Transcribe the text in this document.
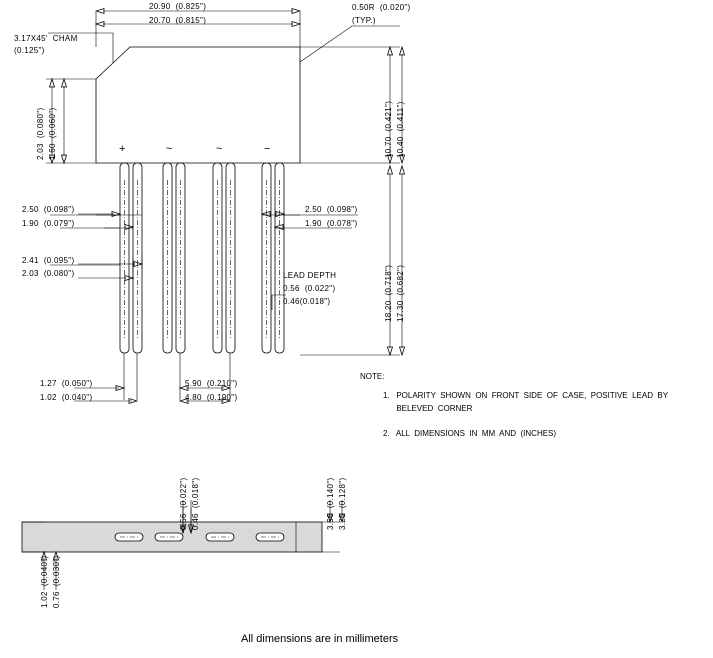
20.90  (0.825")
20.70  (0.815")
0.50R  (0.020")
(TYP.)
3.17X45'  CHAM
(0.125")
2.03  (0.080") 1.60  (0.060")	10.70  (0.421") 10.40  (0.411")
18.20  (0.718") 17.30  (0.682")
2.50  (0.098")
1.90  (0.079")
2.41  (0.095")
2.03  (0.080")
2.50  (0.098")
1.90  (0.078")
LEAD DEPTH
0.56  (0.022")
0.46(0.018")
1.27  (0.050")
1.02  (0.040")
5.90  (0.210")
4.80  (0.190")
+	~	~	−
0.56  (0.022") 0.46  (0.018")	3.56  (0.140") 3.25  (0.128")
1.02  (0.040") 0.76  (0.030")
NOTE:
1.   POLARITY  SHOWN  ON  FRONT  SIDE  OF  CASE,  POSITIVE  LEAD  BY
BELEVED  CORNER
2.   ALL  DIMENSIONS  IN  MM  AND  (INCHES)
All dimensions are in millimeters
